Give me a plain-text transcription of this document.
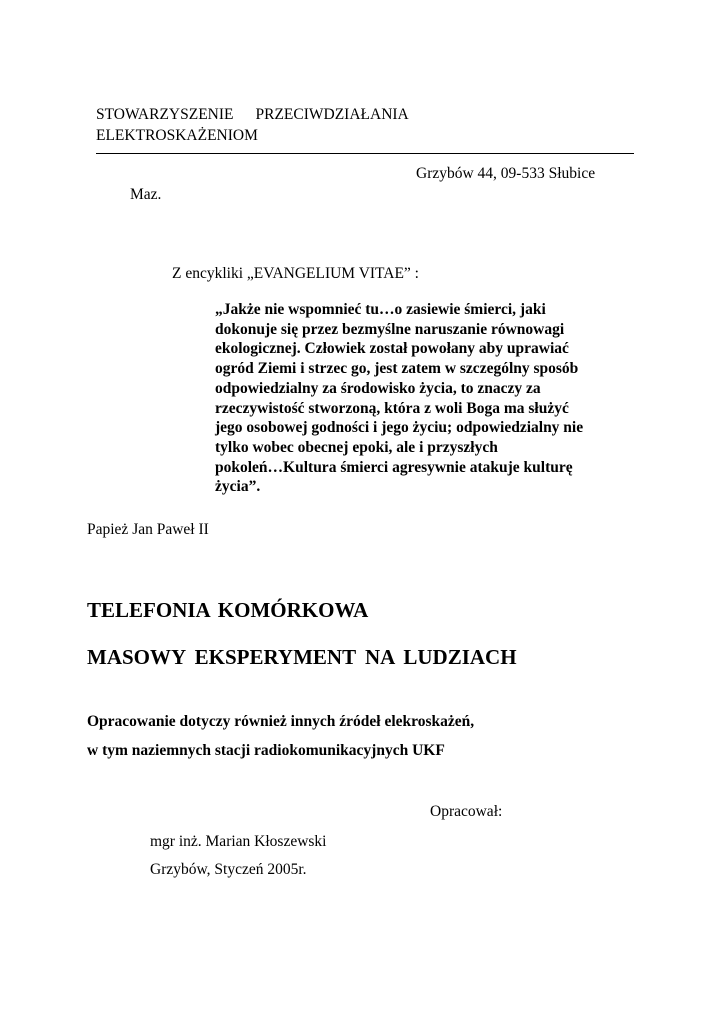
STOWARZYSZENIE PRZECIWDZIAŁANIA
ELEKTROSKAŻENIOM
Grzybów 44, 09-533 Słubice
Maz.
Z encykliki „EVANGELIUM VITAE” :
„Jakże nie wspomnieć tu…o zasiewie śmierci, jaki
dokonuje się przez bezmyślne naruszanie równowagi
ekologicznej. Człowiek został powołany aby uprawiać
ogród Ziemi i strzec go, jest zatem w szczególny sposób
odpowiedzialny za środowisko życia, to znaczy za
rzeczywistość stworzoną, która z woli Boga ma służyć
jego osobowej godności i jego życiu; odpowiedzialny nie
tylko wobec obecnej epoki, ale i przyszłych
pokoleń…Kultura śmierci agresywnie atakuje kulturę
życia”.
Papież Jan Paweł II
TELEFONIA KOMÓRKOWA
MASOWY EKSPERYMENT NA LUDZIACH
Opracowanie dotyczy również innych źródeł elekroskażeń,
w tym naziemnych stacji radiokomunikacyjnych UKF
Opracował:
mgr inż. Marian Kłoszewski
Grzybów, Styczeń 2005r.
